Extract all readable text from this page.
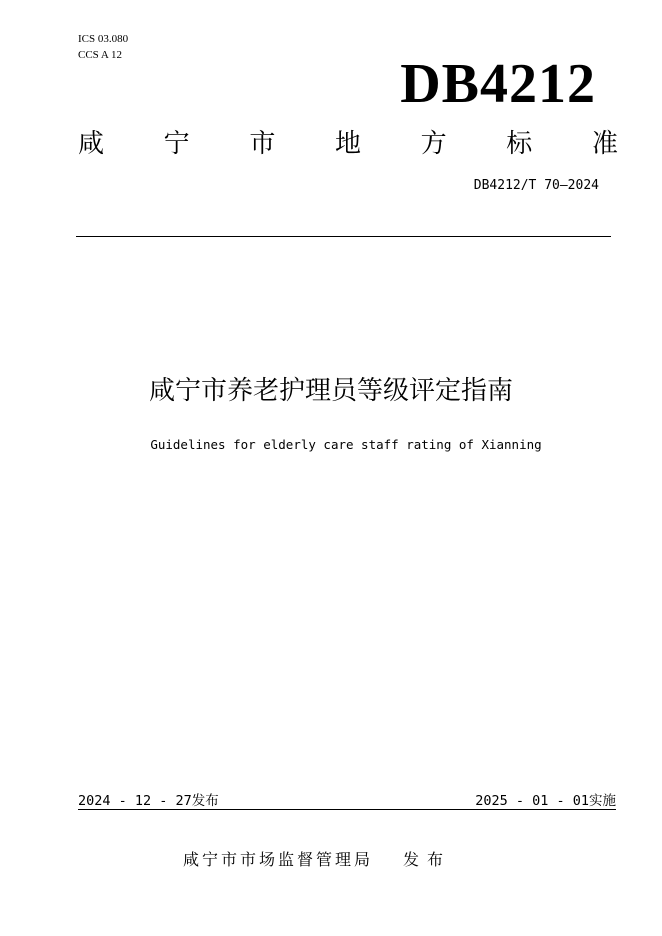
ICS 03.080
CCS A 12	DB4212
咸 宁 市 地 方 标 准
DB4212/T 70—2024
咸宁市养老护理员等级评定指南
Guidelines for elderly care staff rating of Xianning
2024 - 12 - 27发布	2025 - 01 - 01实施
咸宁市市场监督管理局 发布
